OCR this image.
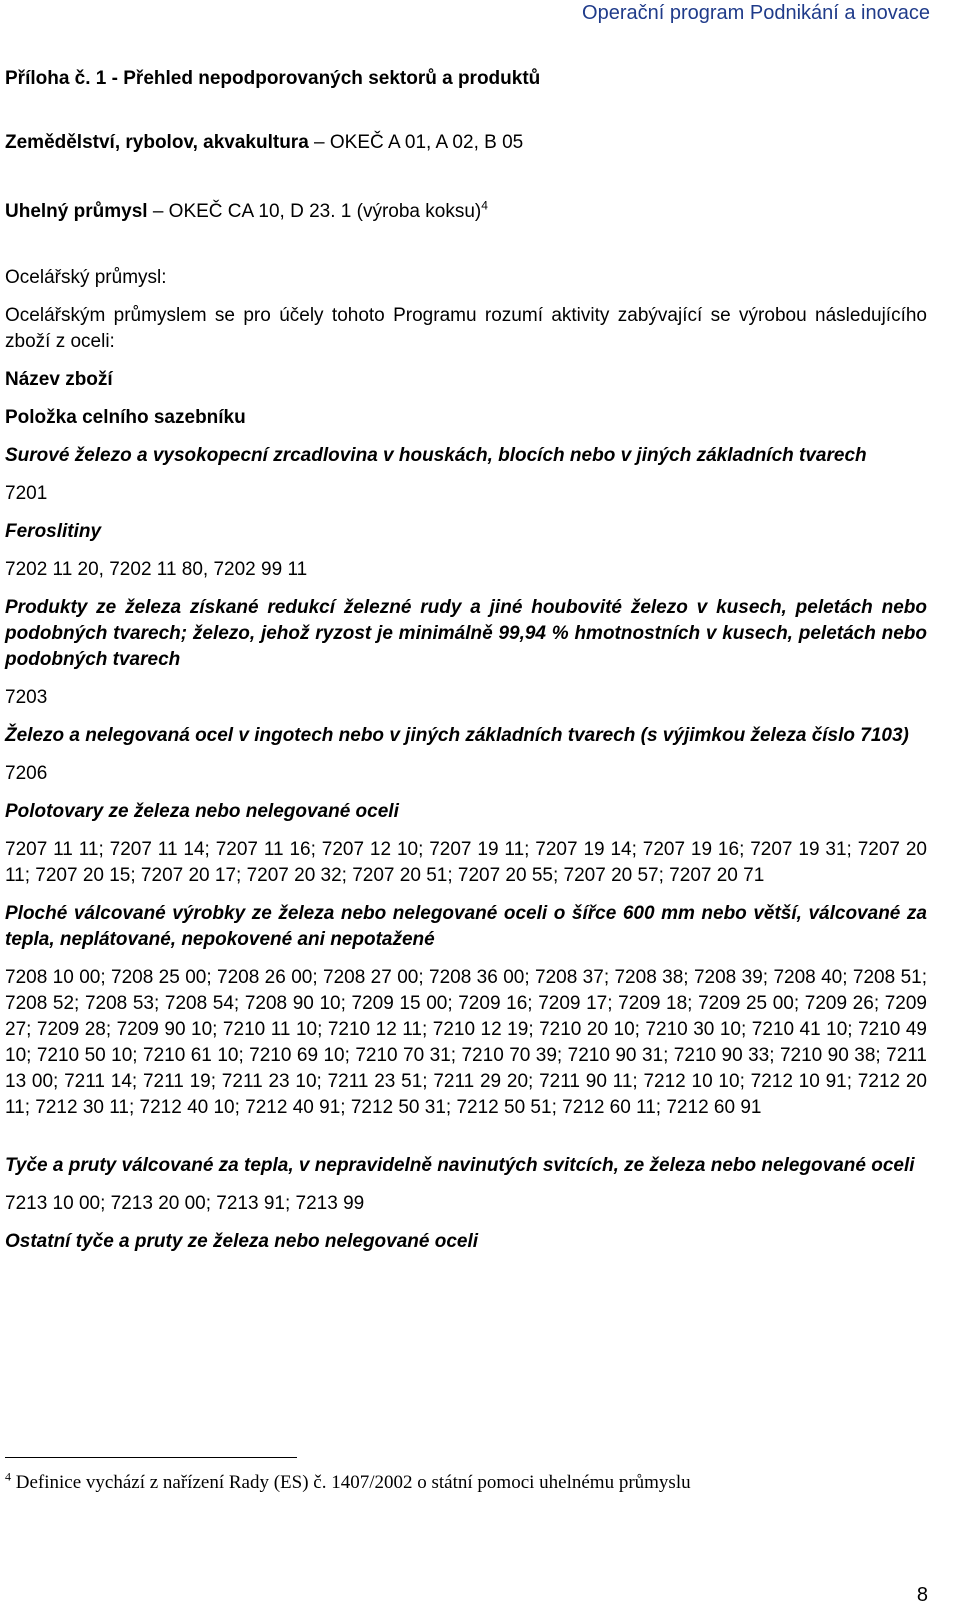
Operační program Podnikání a inovace

Příloha č. 1 - Přehled nepodporovaných sektorů a produktů

Zemědělství, rybolov, akvakultura – OKEČ A 01, A 02, B 05

Uhelný průmysl – OKEČ CA 10, D 23. 1 (výroba koksu)$^4$

Ocelářský průmysl:

Ocelářským průmyslem se pro účely tohoto Programu rozumí aktivity zabývající se výrobou následujícího zboží z oceli:

Název zboží

Položka celního sazebníku

Surové železo a vysokopecní zrcadlovina v houskách, blocích nebo v jiných základních tvarech

7201

Feroslitiny

7202 11 20, 7202 11 80, 7202 99 11

Produkty ze železa získané redukcí železné rudy a jiné houbovité železo v kusech, peletách nebo podobných tvarech; železo, jehož ryzost je minimálně 99,94 % hmotnostních v kusech, peletách nebo podobných tvarech

7203

Železo a nelegovaná ocel v ingotech nebo v jiných základních tvarech (s výjimkou železa číslo 7103)

7206

Polotovary ze železa nebo nelegované oceli

7207 11 11; 7207 11 14; 7207 11 16; 7207 12 10; 7207 19 11; 7207 19 14; 7207 19 16; 7207 19 31; 7207 20 11; 7207 20 15; 7207 20 17; 7207 20 32; 7207 20 51; 7207 20 55; 7207 20 57; 7207 20 71

Ploché válcované výrobky ze železa nebo nelegované oceli o šířce 600 mm nebo větší, válcované za tepla, neplátované, nepokovené ani nepotažené

7208 10 00; 7208 25 00; 7208 26 00; 7208 27 00; 7208 36 00; 7208 37; 7208 38; 7208 39; 7208 40; 7208 51; 7208 52; 7208 53; 7208 54; 7208 90 10; 7209 15 00; 7209 16; 7209 17; 7209 18; 7209 25 00; 7209 26; 7209 27; 7209 28; 7209 90 10; 7210 11 10; 7210 12 11; 7210 12 19; 7210 20 10; 7210 30 10; 7210 41 10; 7210 49 10; 7210 50 10; 7210 61 10; 7210 69 10; 7210 70 31; 7210 70 39; 7210 90 31; 7210 90 33; 7210 90 38; 7211 13 00; 7211 14; 7211 19; 7211 23 10; 7211 23 51; 7211 29 20; 7211 90 11; 7212 10 10; 7212 10 91; 7212 20 11; 7212 30 11; 7212 40 10; 7212 40 91; 7212 50 31; 7212 50 51; 7212 60 11; 7212 60 91

Tyče a pruty válcované za tepla, v nepravidelně navinutých svitcích, ze železa nebo nelegované oceli

7213 10 00; 7213 20 00; 7213 91; 7213 99

Ostatní tyče a pruty ze železa nebo nelegované oceli

$^4$ Definice vychází z nařízení Rady (ES) č. 1407/2002 o státní pomoci uhelnému průmyslu
8
